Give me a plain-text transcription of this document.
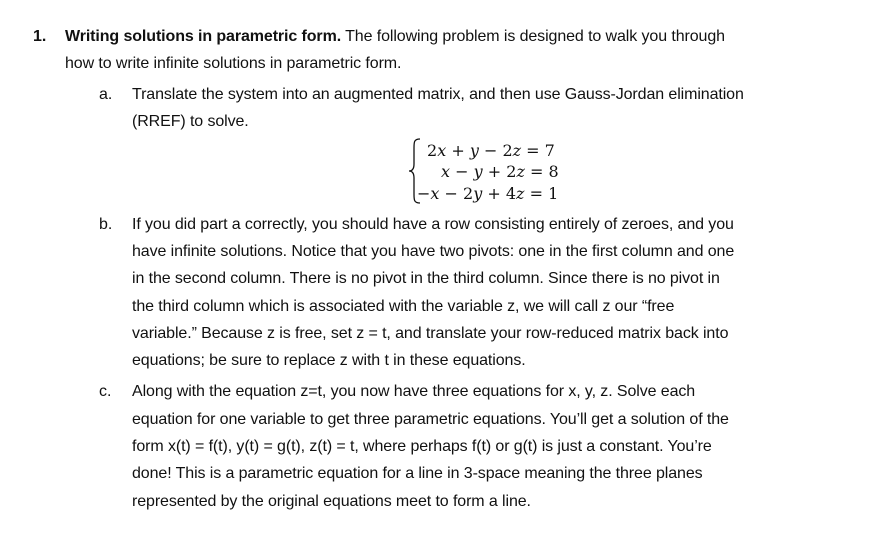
1. Writing solutions in parametric form. The following problem is designed to walk you through
how to write infinite solutions in parametric form.
a. Translate the system into an augmented matrix, and then use Gauss-Jordan elimination
(RREF) to solve.
2x + y − 2z = 7
x − y + 2z = 8
−x − 2y + 4z = 1
b. If you did part a correctly, you should have a row consisting entirely of zeroes, and you
have infinite solutions. Notice that you have two pivots: one in the first column and one
in the second column. There is no pivot in the third column. Since there is no pivot in
the third column which is associated with the variable z, we will call z our “free
variable.” Because z is free, set z = t, and translate your row-reduced matrix back into
equations; be sure to replace z with t in these equations.
c. Along with the equation z=t, you now have three equations for x, y, z. Solve each
equation for one variable to get three parametric equations. You’ll get a solution of the
form x(t) = f(t), y(t) = g(t), z(t) = t, where perhaps f(t) or g(t) is just a constant. You’re
done! This is a parametric equation for a line in 3-space meaning the three planes
represented by the original equations meet to form a line.
